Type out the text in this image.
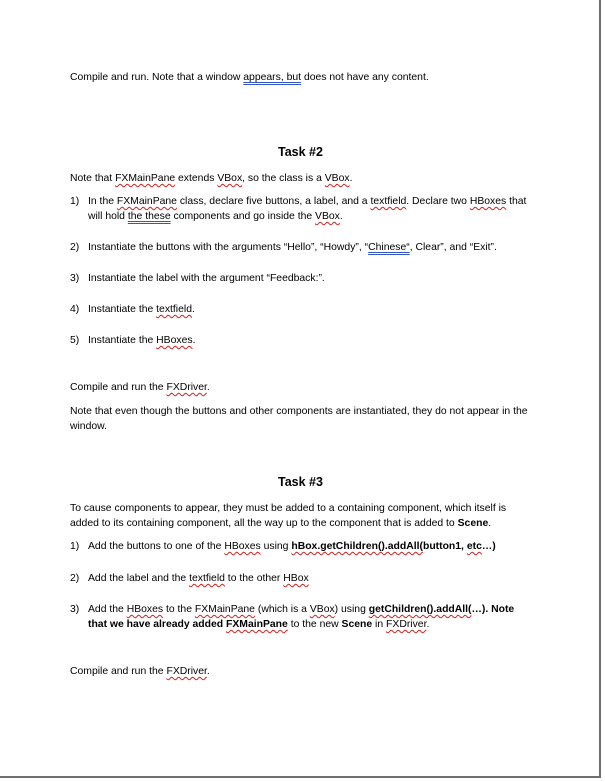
Compile and run. Note that a window appears, but does not have any content.

Task #2

Note that FXMainPane extends VBox, so the class is a VBox.

1) In the FXMainPane class, declare five buttons, a label, and a textfield. Declare two HBoxes that will hold the these components and go inside the VBox.
2) Instantiate the buttons with the arguments “Hello”, “Howdy”, “Chinese“, Clear”, and “Exit”.
3) Instantiate the label with the argument “Feedback:”.
4) Instantiate the textfield.
5) Instantiate the HBoxes.

Compile and run the FXDriver.

Note that even though the buttons and other components are instantiated, they do not appear in the window.

Task #3

To cause components to appear, they must be added to a containing component, which itself is added to its containing component, all the way up to the component that is added to Scene.

1) Add the buttons to one of the HBoxes using hBox.getChildren().addAll(button1, etc…)
2) Add the label and the textfield to the other HBox
3) Add the HBoxes to the FXMainPane (which is a VBox) using getChildren().addAll(…). Note that we have already added FXMainPane to the new Scene in FXDriver.

Compile and run the FXDriver.
